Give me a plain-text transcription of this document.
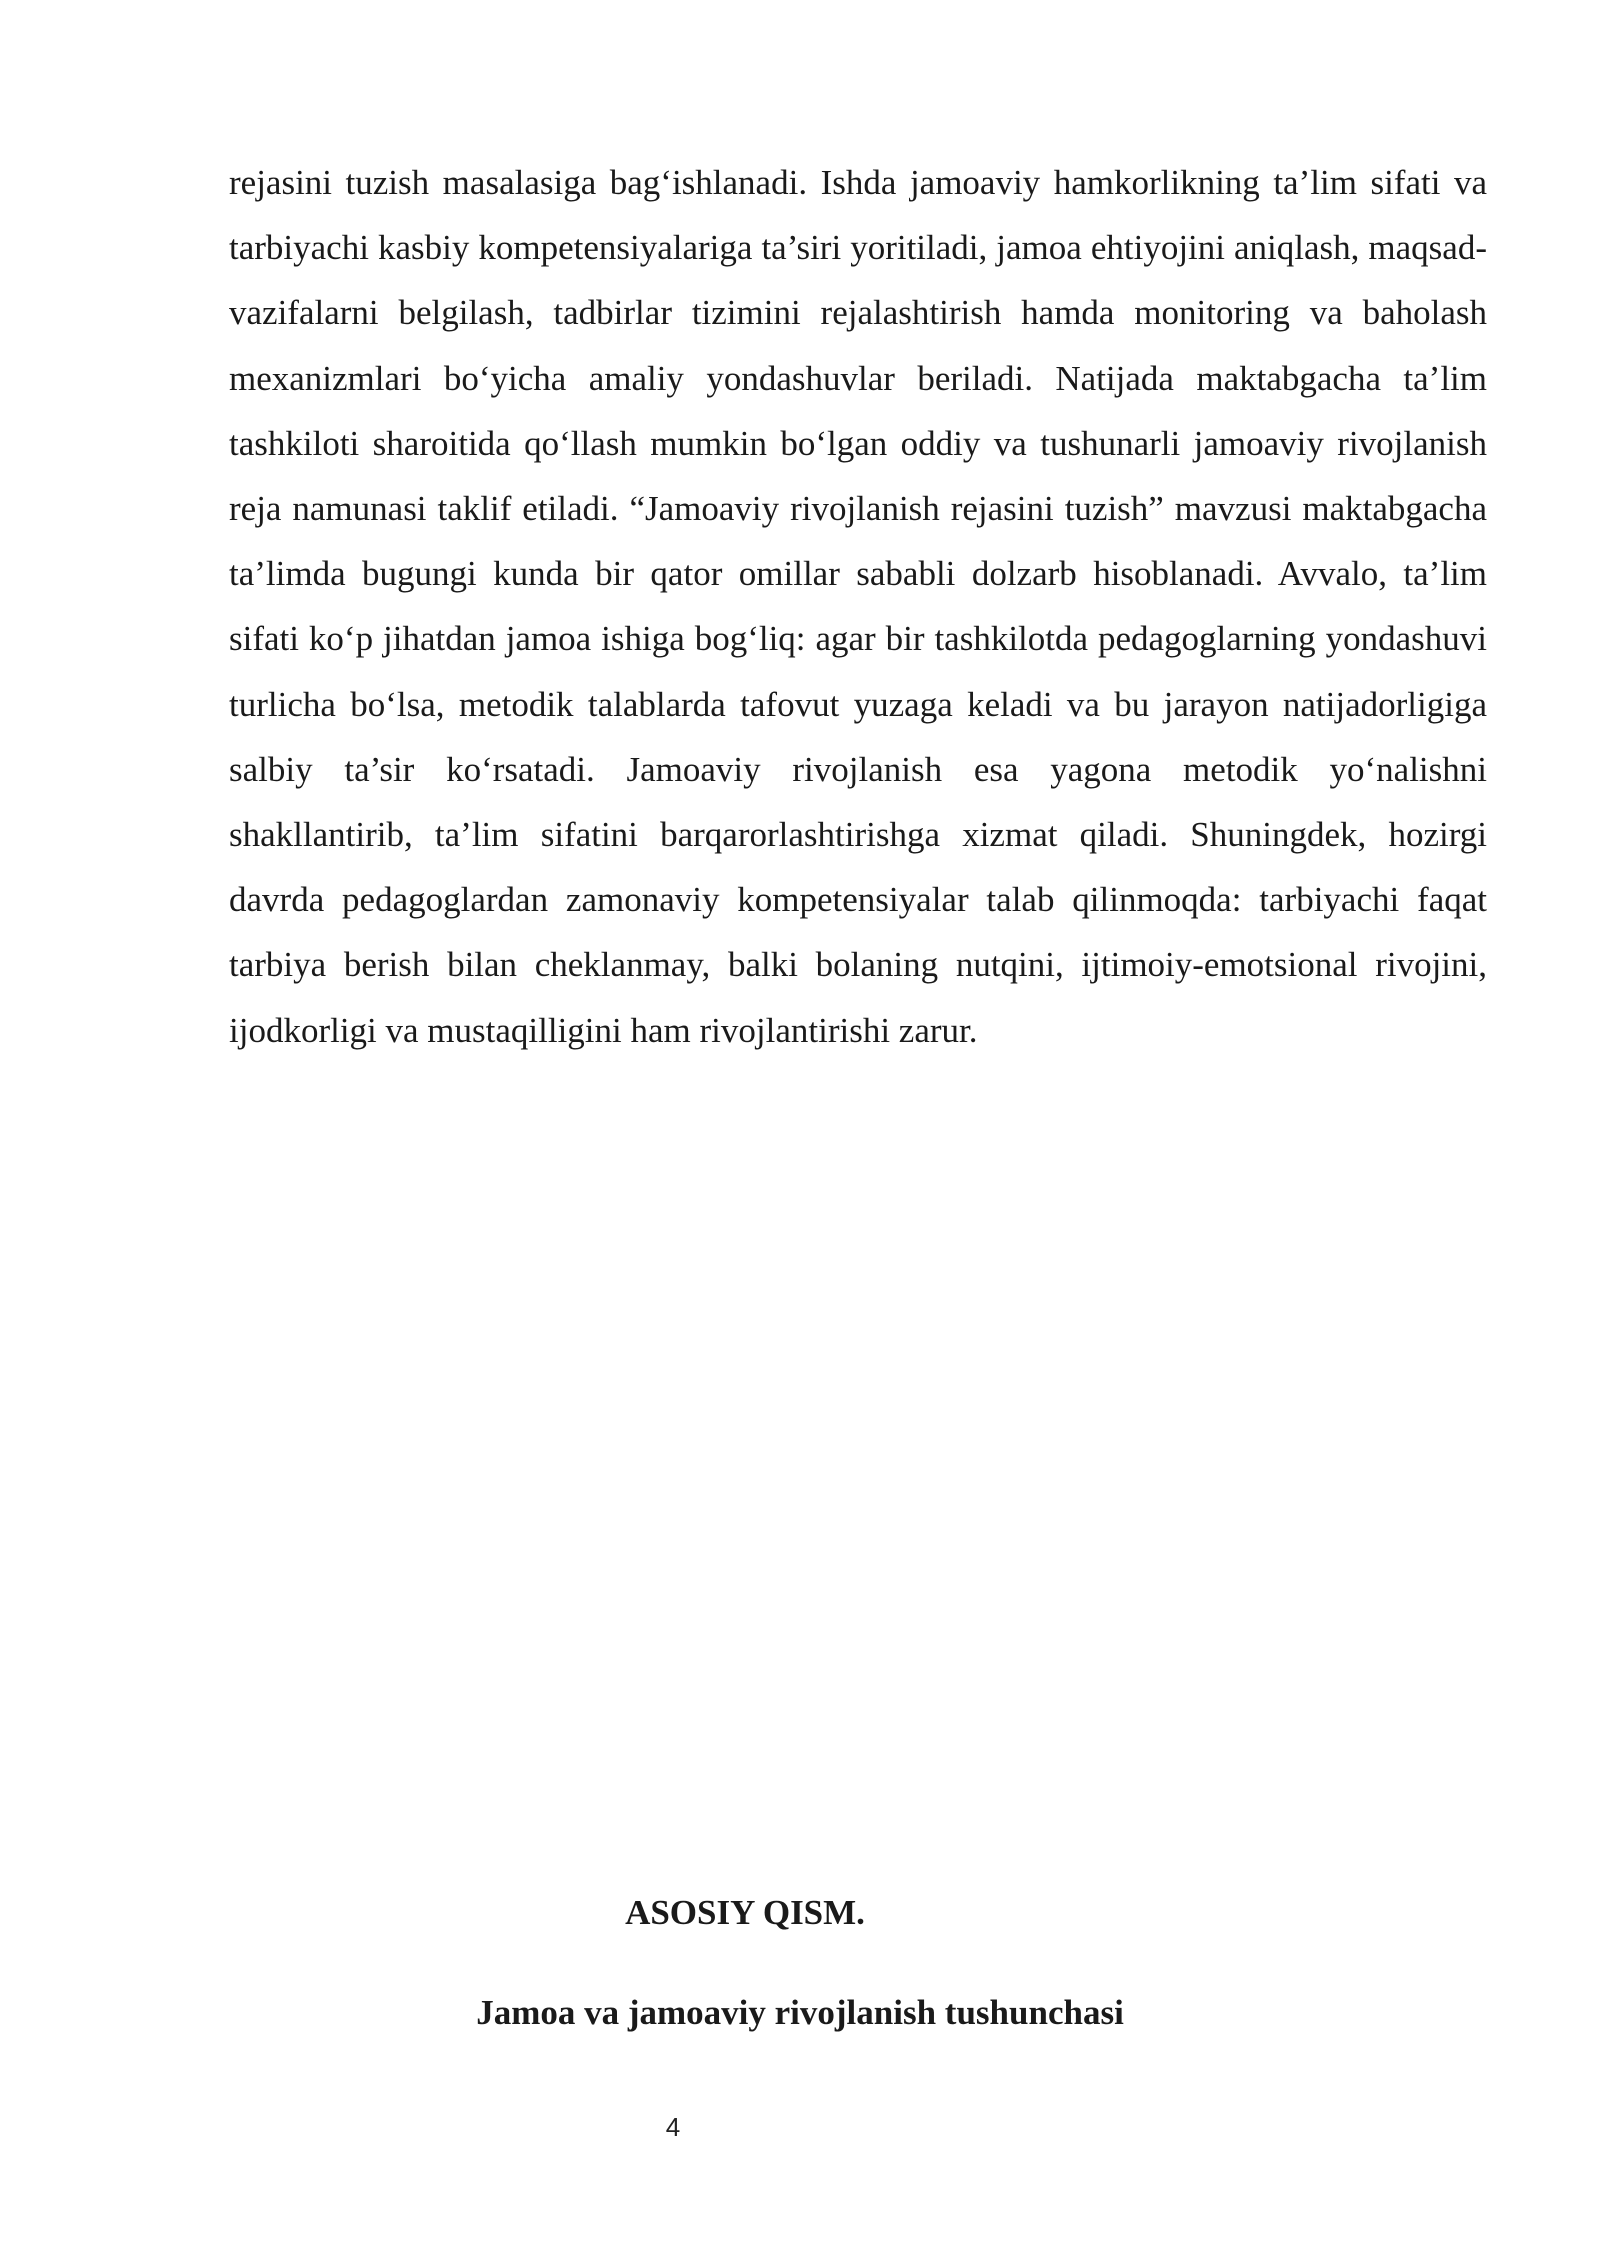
rejasini tuzish masalasiga bag‘ishlanadi. Ishda jamoaviy hamkorlikning ta’lim sifati va tarbiyachi kasbiy kompetensiyalariga ta’siri yoritiladi, jamoa ehtiyojini aniqlash, maqsad-vazifalarni belgilash, tadbirlar tizimini rejalashtirish hamda monitoring va baholash mexanizmlari bo‘yicha amaliy yondashuvlar beriladi. Natijada maktabgacha ta’lim tashkiloti sharoitida qo‘llash mumkin bo‘lgan oddiy va tushunarli jamoaviy rivojlanish reja namunasi taklif etiladi. “Jamoaviy rivojlanish rejasini tuzish” mavzusi maktabgacha ta’limda bugungi kunda bir qator omillar sababli dolzarb hisoblanadi. Avvalo, ta’lim sifati ko‘p jihatdan jamoa ishiga bog‘liq: agar bir tashkilotda pedagoglarning yondashuvi turlicha bo‘lsa, metodik talablarda tafovut yuzaga keladi va bu jarayon natijadorligiga salbiy ta’sir ko‘rsatadi. Jamoaviy rivojlanish esa yagona metodik yo‘nalishni shakllantirib, ta’lim sifatini barqarorlashtirishga xizmat qiladi. Shuningdek, hozirgi davrda pedagoglardan zamonaviy kompetensiyalar talab qilinmoqda: tarbiyachi faqat tarbiya berish bilan cheklanmay, balki bolaning nutqini, ijtimoiy-emotsional rivojini, ijodkorligi va mustaqilligini ham rivojlantirishi zarur.

ASOSIY QISM.
Jamoa va jamoaviy rivojlanish tushunchasi
4
